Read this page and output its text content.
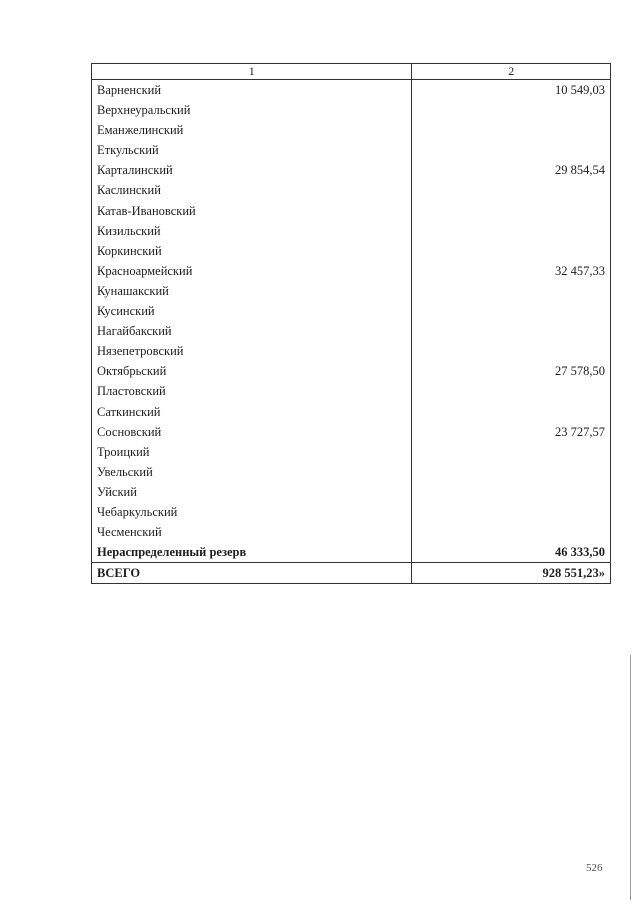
1	2
Варненский	10 549,03
Верхнеуральский	
Еманжелинский	
Еткульский	
Карталинский	29 854,54
Каслинский	
Катав-Ивановский	
Кизильский	
Коркинский	
Красноармейский	32 457,33
Кунашакский	
Кусинский	
Нагайбакский	
Нязепетровский	
Октябрьский	27 578,50
Пластовский	
Саткинский	
Сосновский	23 727,57
Троицкий	
Увельский	
Уйский	
Чебаркульский	
Чесменский	
Нераспределенный резерв	46 333,50
ВСЕГО	928 551,23»
526
